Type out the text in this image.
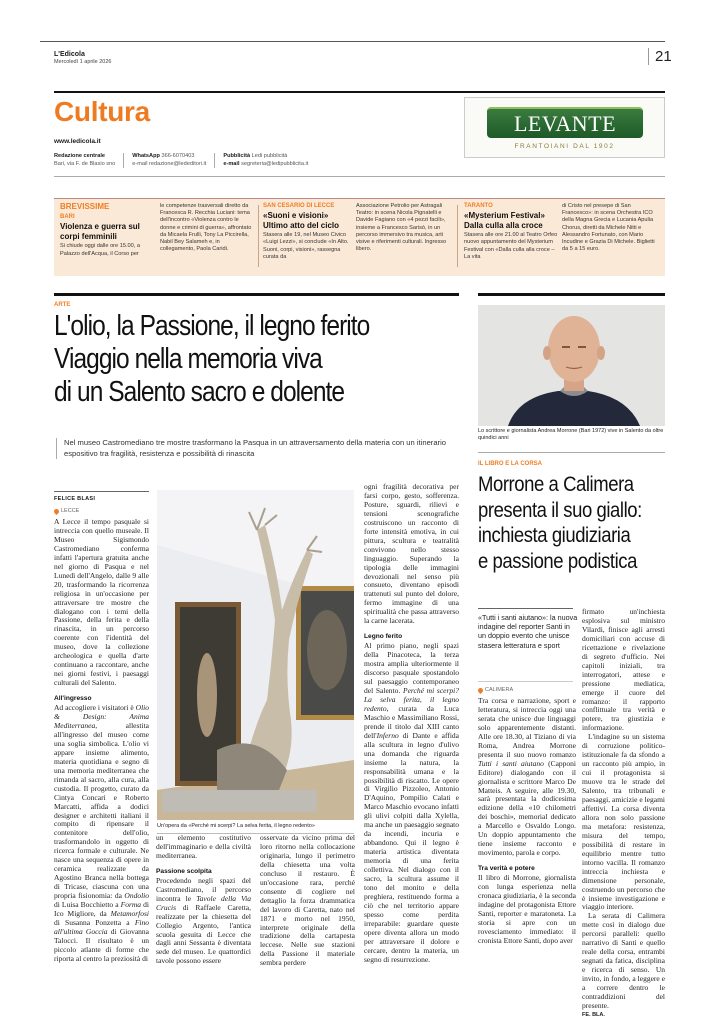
L'Edicola
Mercoledì 1 aprile 2026	21
Cultura
www.ledicola.it
Redazione centrale
Bari, via F. de Blasio sno
WhatsApp 366-6070403
e-mail redazione@lededitori.it
Pubblicità Ledi pubblicità
e-mail segreteria@ledipubblicita.it
LEVANTE
FRANTOIANI DAL 1902
BREVISSIME
BARI
Violenza e guerra sul corpi femminili
Si chiude oggi dalle ore 15.00, a Palazzo dell'Acqua, il Corso per
le competenze trasversali diretto da Francesca R. Recchia Luciani: tema dell'incontro «Violenza contro le donne e crimini di guerra», affrontato da Micaela Frulli, Tony La Piccirella, Nabil Bey Salameh e, in collegamento, Paola Caridi.
SAN CESARIO DI LECCE
«Suoni e visioni» Ultimo atto del ciclo
Stasera alle 19, nel Museo Civico «Luigi Lezzi», si conclude «In Alto. Suoni, corpi, visioni», rassegna curata da
Associazione Petrolio per Astragali Teatro: in scena Nicola Pignatelli e Davide Fagiano con «4 pezzi facili», insieme a Francesco Sarisò, in un percorso immersivo tra musica, arti visive e riferimenti culturali. Ingresso libero.
TARANTO
«Mysterium Festival» Dalla culla alla croce
Stasera alle ore 21.00 al Teatro Orfeo nuovo appuntamento del Mysterium Festival con «Dalla culla alla croce – La vita
di Cristo nel presepe di San Francesco»: in scena Orchestra ICO della Magna Grecia e Lucania Apulia Chorus, diretti da Michele Nitti e Alessandro Fortunato, con Mario Incudine e Grazia Di Michele. Biglietti da 5 a 15 euro.
ARTE
L'olio, la Passione, il legno ferito
Viaggio nella memoria viva
di un Salento sacro e dolente
Nel museo Castromediano tre mostre trasformano la Pasqua in un attraversamento della materia con un itinerario espositivo tra fragilità, resistenza e possibilità di rinascita
FELICE BLASI
LECCE

A Lecce il tempo pasquale si intreccia con quello museale. Il Museo Sigismondo Castromediano conferma infatti l'apertura gratuita anche nel giorno di Pasqua e nel Lunedì dell'Angelo, dalle 9 alle 20, trasformando la ricorrenza religiosa in un'occasione per attraversare tre mostre che dialogano con i temi della Passione, della ferita e della rinascita, in un percorso coerente con l'identità del museo, dove la collezione archeologica e quella d'arte continuano a raccontare, anche nei giorni festivi, i paesaggi culturali del Salento.

All'ingresso

Ad accogliere i visitatori è Olio & Design: Anima Mediterranea, allestita all'ingresso del museo come una soglia simbolica. L'olio vi appare insieme alimento, materia quotidiana e segno di una memoria mediterranea che rimanda al sacro, alla cura, alla custodia. Il progetto, curato da Cintya Concari e Roberto Marcatti, affida a dodici designer e architetti italiani il compito di ripensare il contenitore dell'olio, trasformandolo in oggetto di ricerca formale e culturale. Ne nasce una sequenza di opere in ceramica realizzate da Agostino Branca nella bottega di Tricase, ciascuna con una propria fisionomia: da Ondolio di Luisa Bocchietto a Forma di Ico Migliore, da Metamorfosi di Susanna Ponzetta a Fino all'ultima Goccia di Giovanna Talocci. Il risultato è un piccolo atlante di forme che riporta al centro la preziosità di

Un'opera da «Perché mi scerpi? La selva ferita, il legno redento»

un elemento costitutivo dell'immaginario e della civiltà mediterranea.

Passione scolpita

Procedendo negli spazi del Castromediano, il percorso incontra le Tavole della Via Crucis di Raffaele Caretta, realizzate per la chiesetta del Collegio Argento, l'antica scuola gesuita di Lecce che dagli anni Sessanta è diventata sede del museo. Le quattordici tavole possono essere

osservate da vicino prima del loro ritorno nella collocazione originaria, lungo il perimetro della chiesetta una volta concluso il restauro. È un'occasione rara, perché consente di cogliere nel dettaglio la forza drammatica del lavoro di Caretta, nato nel 1871 e morto nel 1950, interprete originale della tradizione della cartapesta leccese. Nelle sue stazioni della Passione il materiale sembra perdere

ogni fragilità decorativa per farsi corpo, gesto, sofferenza. Posture, sguardi, rilievi e tensioni scenografiche costruiscono un racconto di forte intensità emotiva, in cui pittura, scultura e teatralità convivono nello stesso linguaggio. Superando la tipologia delle immagini devozionali nel senso più consueto, diventano episodi trattenuti sul punto del dolore, fermo immagine di una spiritualità che passa attraverso la carne lacerata.

Legno ferito

Al primo piano, negli spazi della Pinacoteca, la terza mostra amplia ulteriormente il discorso pasquale spostandolo sul paesaggio contemporaneo del Salento. Perché mi scerpi? La selva ferita, il legno redento, curata da Luca Maschio e Massimiliano Rossi, prende il titolo dal XIII canto dell'Inferno di Dante e affida alla scultura in legno d'ulivo una domanda che riguarda insieme la natura, la responsabilità umana e la possibilità di riscatto. Le opere di Virgilio Pizzoleo, Antonio D'Aquino, Pompilio Calati e Marco Maschio evocano infatti gli ulivi colpiti dalla Xylella, ma anche un paesaggio segnato da incendi, incuria e abbandono. Qui il legno è materia artistica diventata memoria di una ferita collettiva. Nel dialogo con il sacro, la scultura assume il tono del monito e della preghiera, restituendo forma a ciò che nel territorio appare spesso come perdita irreparabile: guardare queste opere diventa allora un modo per attraversare il dolore e cercare, dentro la materia, un segno di resurrezione.

Lo scrittore e giornalista Andrea Morrone (Bari 1972) vive in Salento da oltre quindici anni
IL LIBRO E LA CORSA
Morrone a Calimera
presenta il suo giallo:
inchiesta giudiziaria
e passione podistica
«Tutti i santi aiutano»: la nuova indagine del reporter Santi in un doppio evento che unisce stasera letteratura e sport
CALIMERA

Tra corsa e narrazione, sport e letteratura, si intreccia oggi una serata che unisce due linguaggi solo apparentemente distanti. Alle ore 18.30, al Tiziano di via Roma, Andrea Morrone presenta il suo nuovo romanzo Tutti i santi aiutano (Capponi Editore) dialogando con il giornalista e scrittore Marco De Matteis. A seguire, alle 19.30, sarà presentata la dodicesima edizione della «10 chilometri dei boschi», memorial dedicato a Marcello e Osvaldo Longo. Un doppio appuntamento che tiene insieme racconto e movimento, parola e corpo.

Tra verità e potere

Il libro di Morrone, giornalista con lunga esperienza nella cronaca giudiziaria, è la seconda indagine del protagonista Ettore Santi, reporter e maratoneta. La storia si apre con un rovesciamento immediato: il cronista Ettore Santi, dopo aver

firmato un'inchiesta esplosiva sul ministro Vilardi, finisce agli arresti domiciliari con accuse di ricettazione e rivelazione di segreto d'ufficio. Nei capitoli iniziali, tra interrogatori, attese e pressione mediatica, emerge il cuore del romanzo: il rapporto conflittuale tra verità e potere, tra giustizia e informazione.

L'indagine su un sistema di corruzione politico-istituzionale fa da sfondo a un racconto più ampio, in cui il protagonista si muove tra le strade del Salento, tra tribunali e paesaggi, amicizie e legami affettivi. La corsa diventa allora non solo passione ma metafora: resistenza, misura del tempo, possibilità di restare in equilibrio mentre tutto intorno vacilla. Il romanzo intreccia inchiesta e dimensione personale, costruendo un percorso che è insieme investigazione e viaggio interiore.

La serata di Calimera mette così in dialogo due percorsi paralleli: quello narrativo di Santi e quello reale della corsa, entrambi segnati da fatica, disciplina e ricerca di senso. Un invito, in fondo, a leggere e a correre dentro le contraddizioni del presente.

FE. BLA.
